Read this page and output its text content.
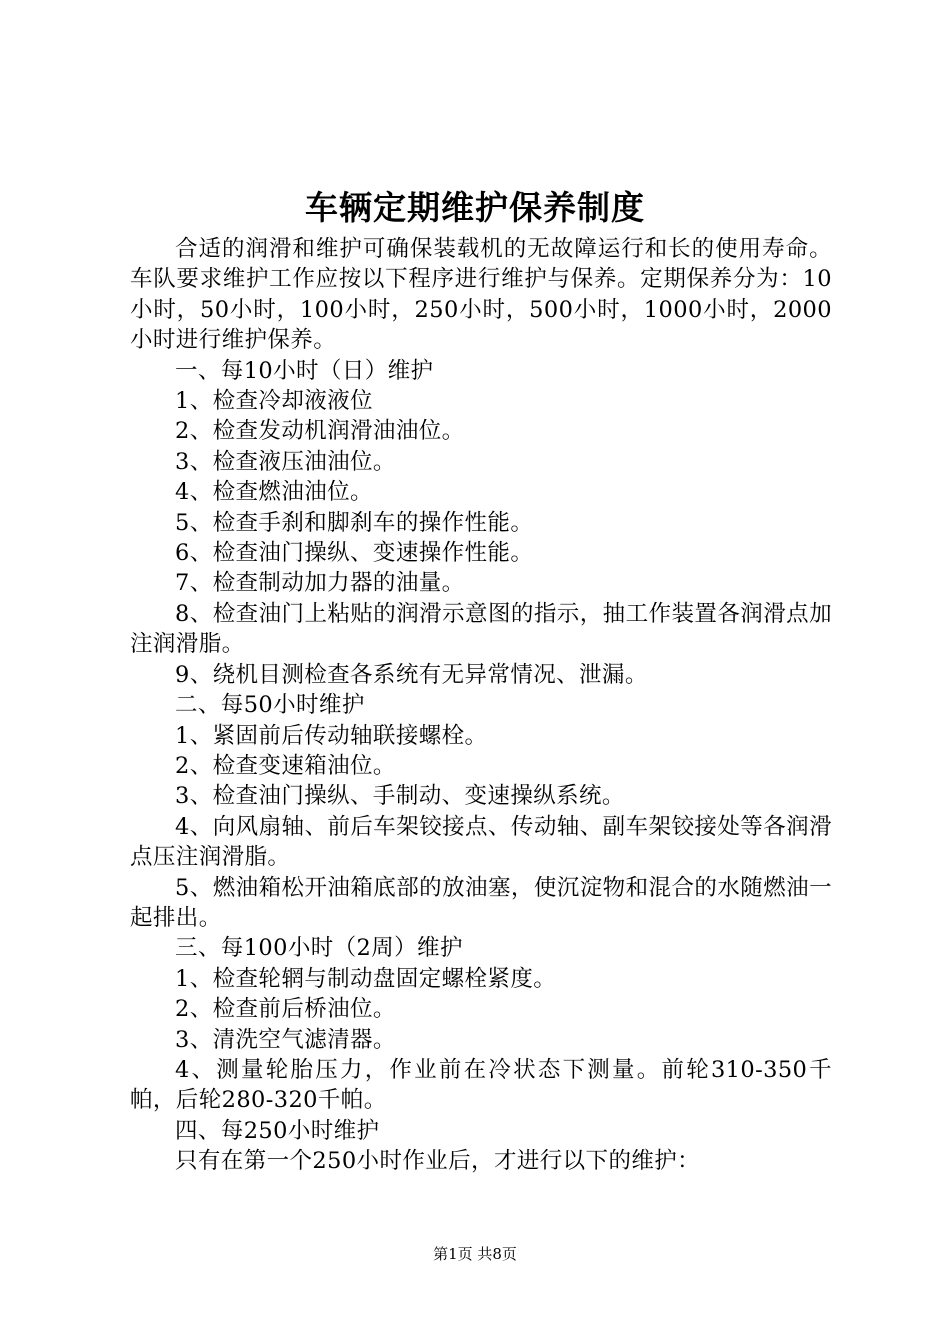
车辆定期维护保养制度

合适的润滑和维护可确保装载机的无故障运行和长的使用寿命。车队要求维护工作应按以下程序进行维护与保养。定期保养分为：10小时，50小时，100小时，250小时，500小时，1000小时，2000小时进行维护保养。

一、每10小时（日）维护

1、检查冷却液液位

2、检查发动机润滑油油位。

3、检查液压油油位。

4、检查燃油油位。

5、检查手刹和脚刹车的操作性能。

6、检查油门操纵、变速操作性能。

7、检查制动加力器的油量。

8、检查油门上粘贴的润滑示意图的指示，抽工作装置各润滑点加注润滑脂。

9、绕机目测检查各系统有无异常情况、泄漏。

二、每50小时维护

1、紧固前后传动轴联接螺栓。

2、检查变速箱油位。

3、检查油门操纵、手制动、变速操纵系统。

4、向风扇轴、前后车架铰接点、传动轴、副车架铰接处等各润滑点压注润滑脂。

5、燃油箱松开油箱底部的放油塞，使沉淀物和混合的水随燃油一起排出。

三、每100小时（2周）维护

1、检查轮辋与制动盘固定螺栓紧度。

2、检查前后桥油位。

3、清洗空气滤清器。

4、测量轮胎压力，作业前在冷状态下测量。前轮310-350千帕，后轮280-320千帕。

四、每250小时维护

只有在第一个250小时作业后，才进行以下的维护：

第1页 共8页
